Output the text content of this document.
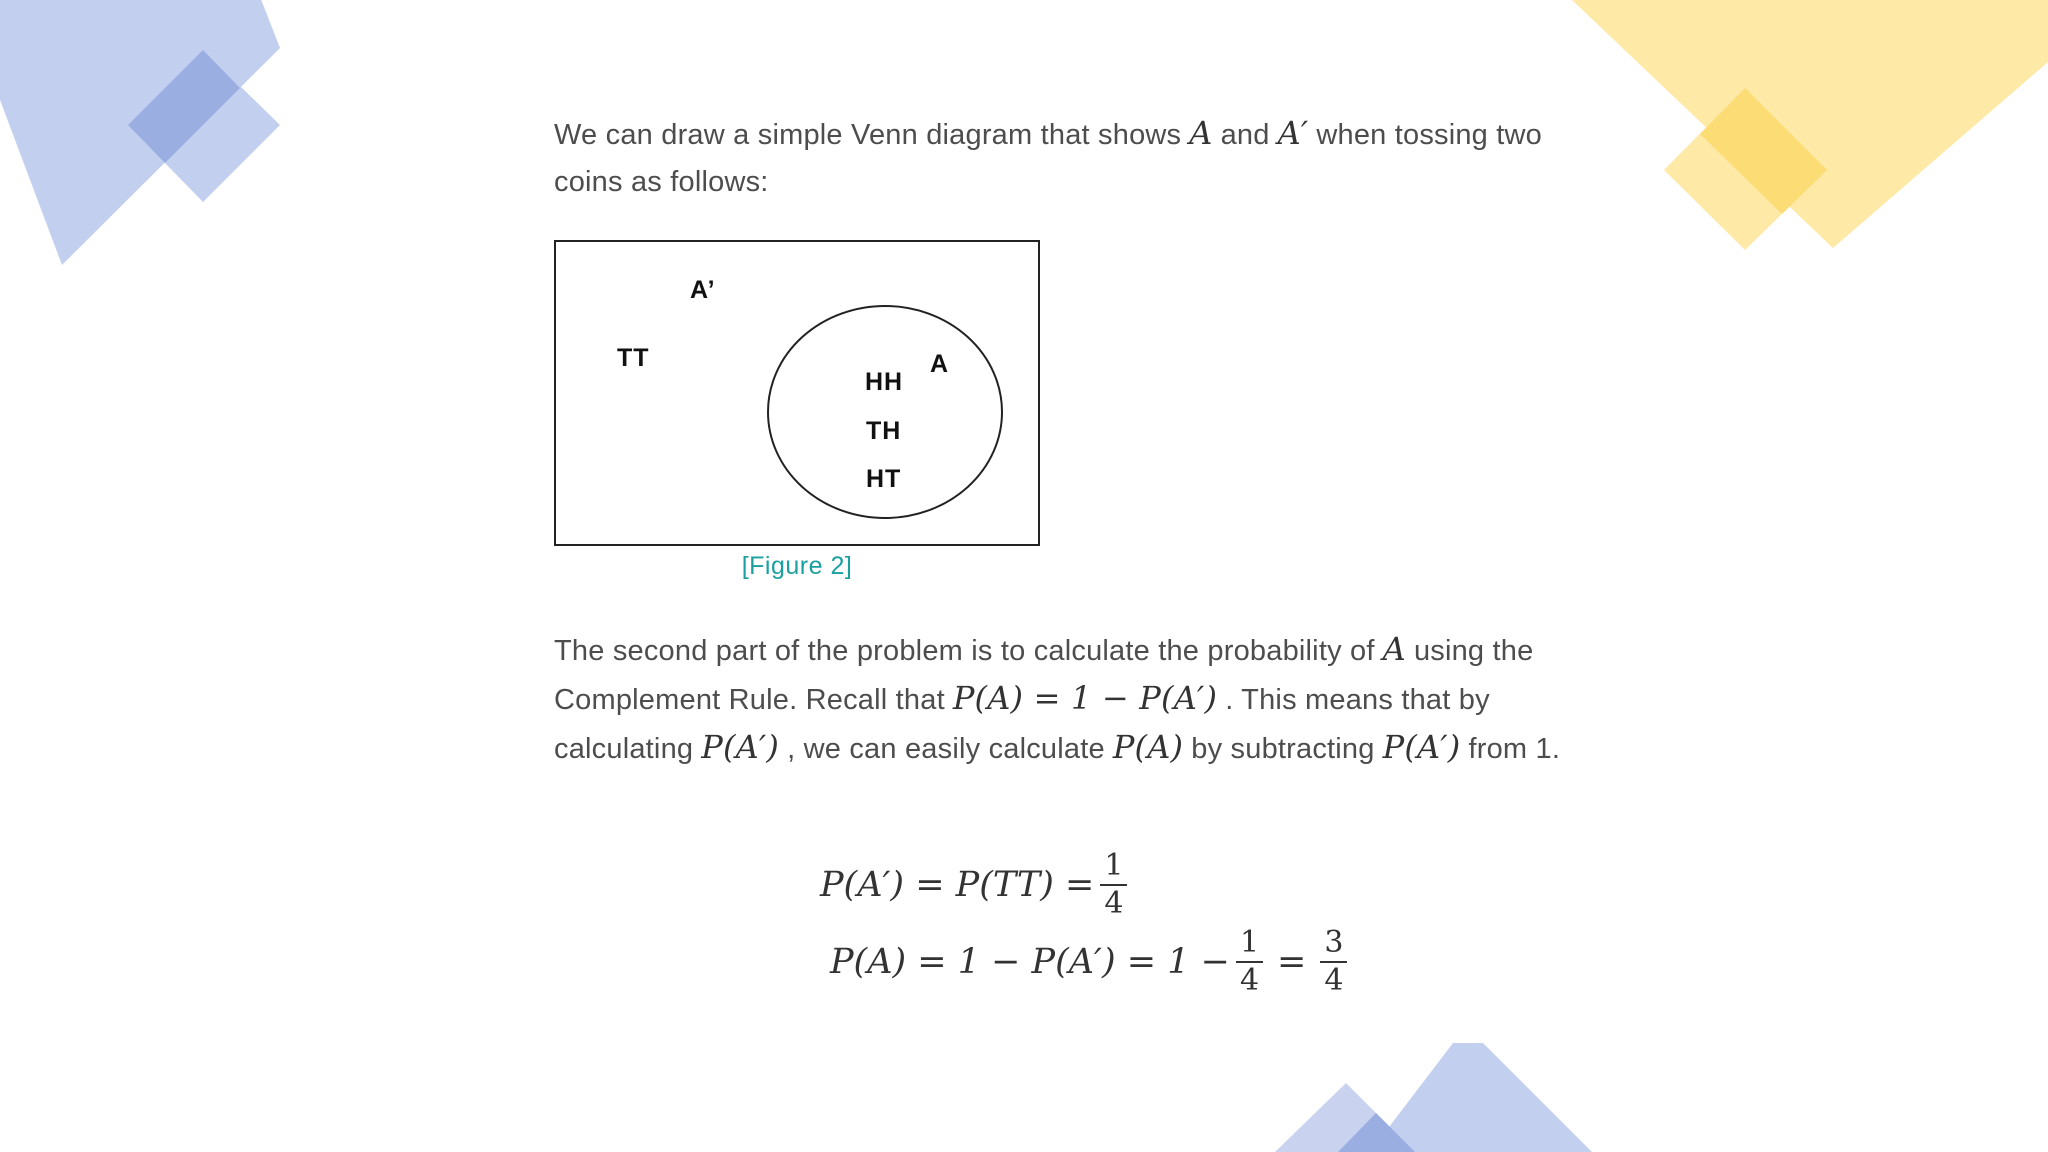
We can draw a simple Venn diagram that shows A and A′ when tossing two coins as follows:

A’
TT	A
HH
TH
HT
[Figure 2]

The second part of the problem is to calculate the probability of A using the Complement Rule. Recall that P(A) = 1 − P(A′) . This means that by calculating P(A′) , we can easily calculate P(A) by subtracting P(A′) from 1.

$P(A') = P(TT) = \frac{1}{4}$
$P(A) = 1 - P(A') = 1 - \frac{1}{4} = \frac{3}{4}$
